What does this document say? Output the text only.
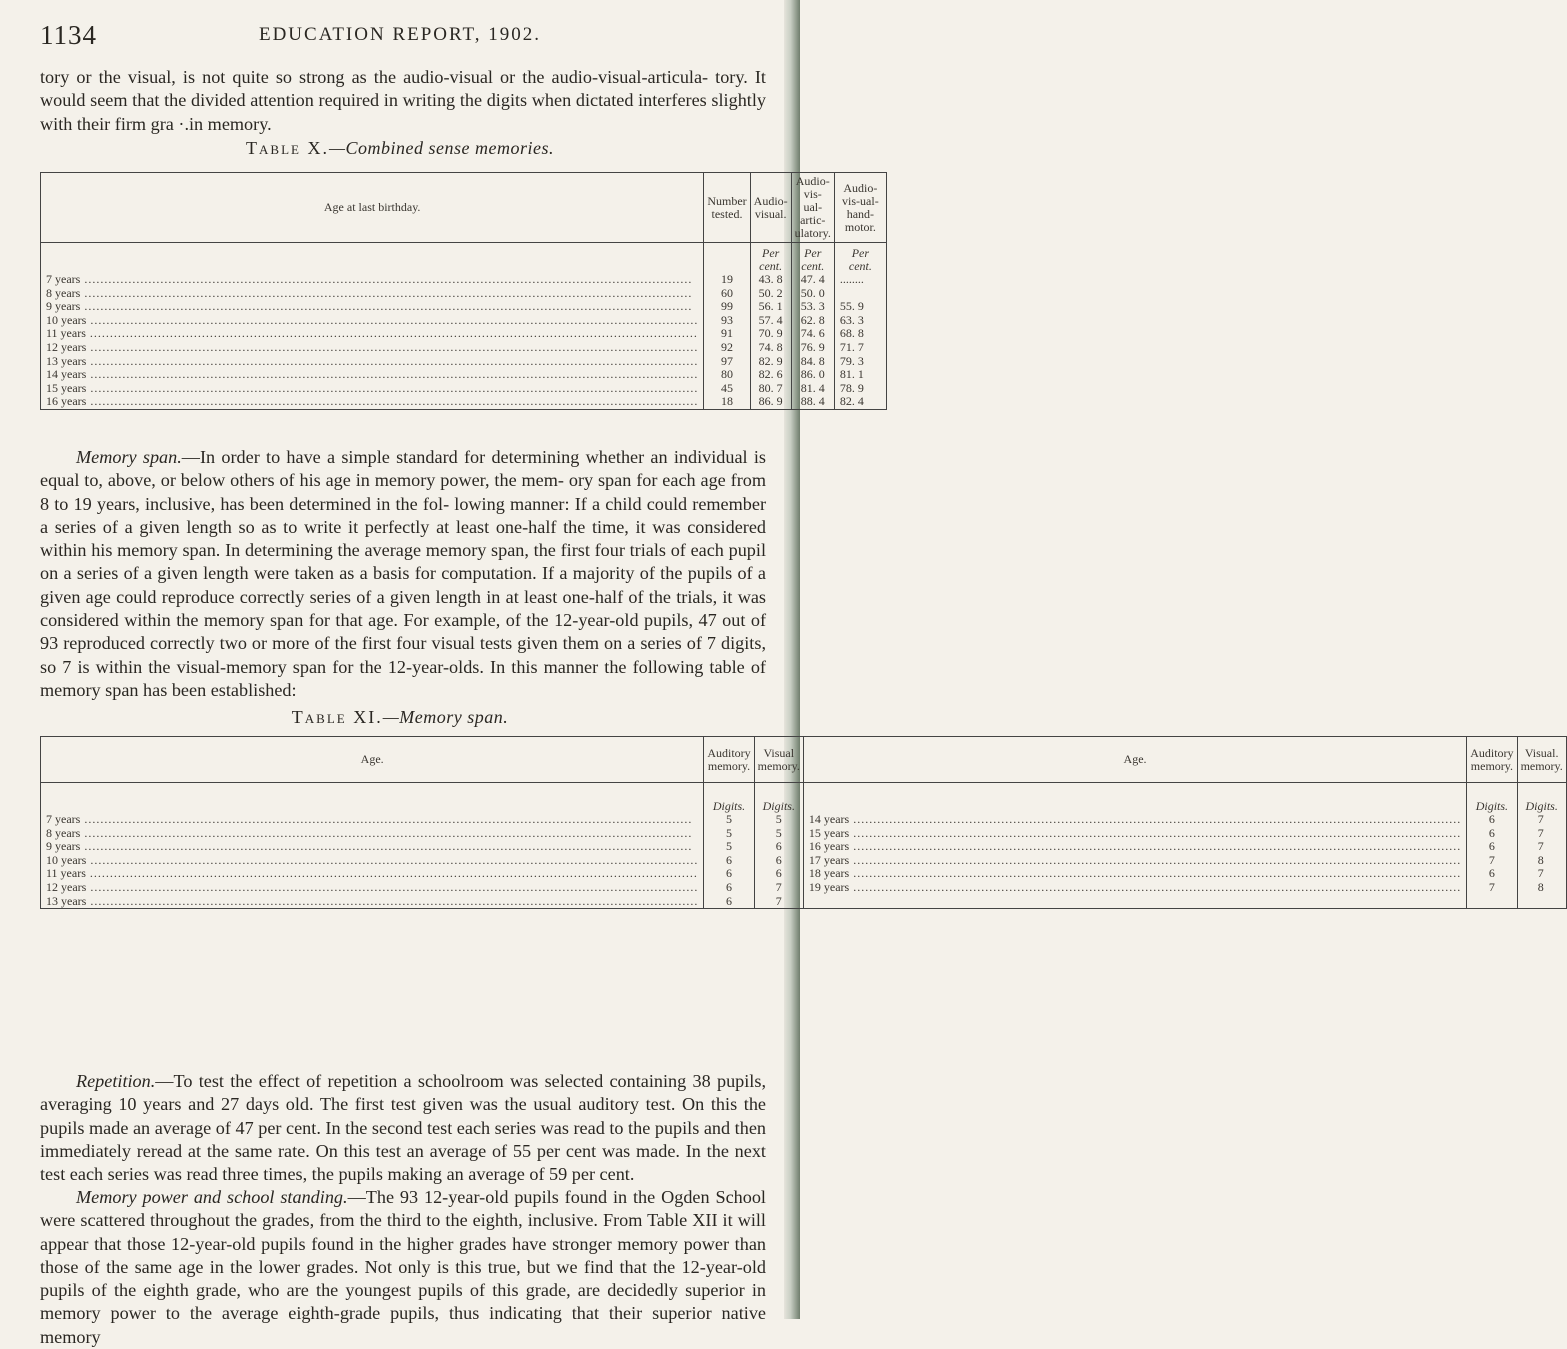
1134	EDUCATION REPORT, 1902.

tory or the visual, is not quite so strong as the audio-visual or the audio-visual-articula- tory. It would seem that the divided attention required in writing the digits when dictated interferes slightly with their firm gra ·.in memory.

Table X.—Combined sense memories.
Age at last birthday.	Number tested.	Audio-visual.	Audio-vis-ual-artic-ulatory.	Audio-vis-ual-hand-motor.
		Per cent.	Per cent.	Per cent.
7 years .....	19	43. 8	47. 4	........
8 years .....	60	50. 2	50. 0	
9 years .....	99	56. 1	53. 3	55. 9
10 years .....	93	57. 4	62. 8	63. 3
11 years .....	91	70. 9	74. 6	68. 8
12 years .....	92	74. 8	76. 9	71. 7
13 years .....	97	82. 9	84. 8	79. 3
14 years .....	80	82. 6	86. 0	81. 1
15 years .....	45	80. 7	81. 4	78. 9
16 years .....	18	86. 9	88. 4	82. 4
Table XI.—Memory span.
Age.	Auditory memory.	Visual memory.	Age.	Auditory memory.	Visual. memory.
	Digits.	Digits.		Digits.	Digits.
7 years .....	5	5	14 years .....	6	7
8 years .....	5	5	15 years .....	6	7
9 years .....	5	6	16 years .....	6	7
10 years .....	6	6	17 years .....	7	8
11 years .....	6	6	18 years .....	6	7
12 years .....	6	7	19 years .....	7	8
13 years .....	6	7			

Memory span.—In order to have a simple standard for determining whether an individual is equal to, above, or below others of his age in memory power, the mem- ory span for each age from 8 to 19 years, inclusive, has been determined in the fol- lowing manner: If a child could remember a series of a given length so as to write it perfectly at least one-half the time, it was considered within his memory span. In determining the average memory span, the first four trials of each pupil on a series of a given length were taken as a basis for computation. If a majority of the pupils of a given age could reproduce correctly series of a given length in at least one-half of the trials, it was considered within the memory span for that age. For example, of the 12-year-old pupils, 47 out of 93 reproduced correctly two or more of the first four visual tests given them on a series of 7 digits, so 7 is within the visual-memory span for the 12-year-olds. In this manner the following table of memory span has been established:

Repetition.—To test the effect of repetition a schoolroom was selected containing 38 pupils, averaging 10 years and 27 days old. The first test given was the usual auditory test. On this the pupils made an average of 47 per cent. In the second test each series was read to the pupils and then immediately reread at the same rate. On this test an average of 55 per cent was made. In the next test each series was read three times, the pupils making an average of 59 per cent.

Memory power and school standing.—The 93 12-year-old pupils found in the Ogden School were scattered throughout the grades, from the third to the eighth, inclusive. From Table XII it will appear that those 12-year-old pupils found in the higher grades have stronger memory power than those of the same age in the lower grades. Not only is this true, but we find that the 12-year-old pupils of the eighth grade, who are the youngest pupils of this grade, are decidedly superior in memory power to the average eighth-grade pupils, thus indicating that their superior native memory
